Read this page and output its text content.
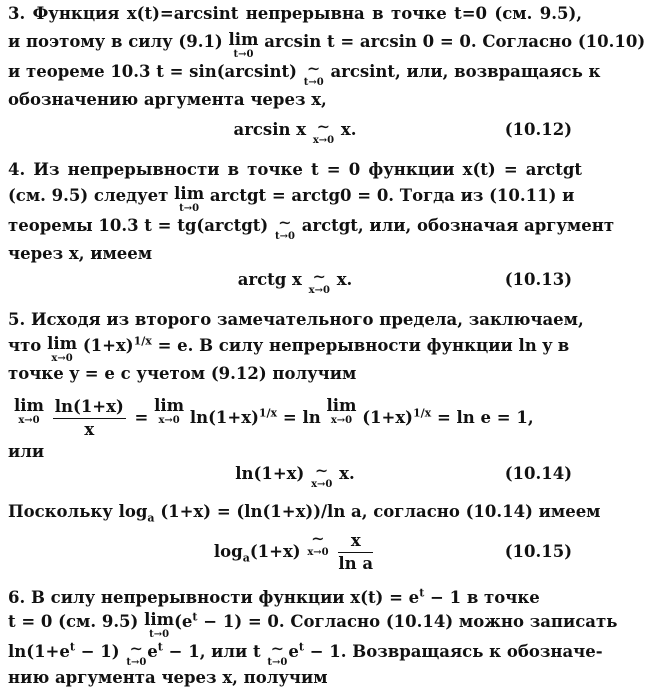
3. Функция x(t)=arcsint непрерывна в точке t=0 (см. 9.5),
и поэтому в силу (9.1) lim
t→0
arcsin t = arcsin 0 = 0. Согласно (10.10)
и теореме 10.3 t = sin(arcsint) ∼
t→0
arcsint, или, возвращаясь к
обозначению аргумента через x,
arcsin x ∼
x→0
x.	(10.12)
4. Из непрерывности в точке t = 0 функции x(t) = arctgt
(см. 9.5) следует lim
t→0
arctgt = arctg0 = 0. Тогда из (10.11) и
теоремы 10.3 t = tg(arctgt) ∼
t→0
arctgt, или, обозначая аргумент
через x, имеем
arctg x ∼
x→0
x.	(10.13)
5. Исходя из второго замечательного предела, заключаем,
что lim
x→0
$(1+x)^{1/x} = e$. В силу непрерывности функции ln y в
точке y = e с учетом (9.12) получим
lim
x→0
$\frac{\ln(1+x)}{x}$ =
lim
x→0 $\ln(1+x)^{1/x} = \ln$
lim
x→0 $(1+x)^{1/x} = \ln e = 1$,
или
ln(1+x) ∼
x→0
x.	(10.14)
Поскольку $\log_a (1+x) = (\ln(1+x))/\ln$ a, согласно (10.14) имеем
$\log_a(1+x)$
∼
x→0
$\frac{x}{\text{ln a}}$	(10.15)
6. В силу непрерывности функции $x(t) = e^t - 1$ в точке
t = 0 (см. 9.5) lim
t→0
$(e^t - 1) = 0$. Согласно (10.14) можно записать
$\ln(1+e^t - 1)$ ∼
t→0
$e^t - 1$, или t ∼
t→0
$e^t - 1$. Возвращаясь к обозначе-
нию аргумента через x, получим
